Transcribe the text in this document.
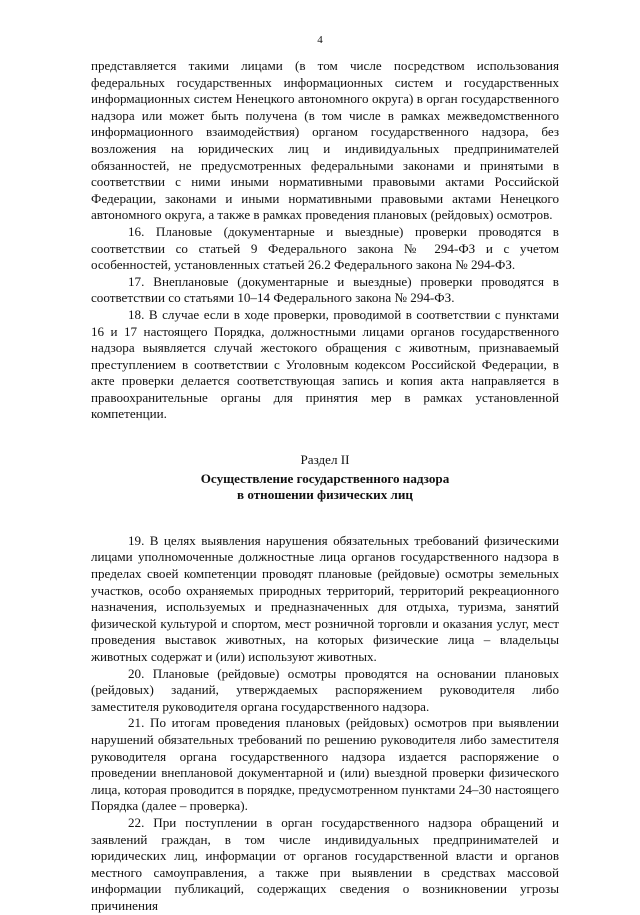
4

представляется такими лицами (в том числе посредством использования федеральных государственных информационных систем и государственных информационных систем Ненецкого автономного округа) в орган государственного надзора или может быть получена (в том числе в рамках межведомственного информационного взаимодействия) органом государственного надзора, без возложения на юридических лиц и индивидуальных предпринимателей обязанностей, не предусмотренных федеральными законами и принятыми в соответствии с ними иными нормативными правовыми актами Российской Федерации, законами и иными нормативными правовыми актами Ненецкого автономного округа, а также в рамках проведения плановых (рейдовых) осмотров.

16. Плановые (документарные и выездные) проверки проводятся в соответствии со статьей 9 Федерального закона № 294-ФЗ и с учетом особенностей, установленных статьей 26.2 Федерального закона № 294-ФЗ.

17. Внеплановые (документарные и выездные) проверки проводятся в соответствии со статьями 10–14 Федерального закона № 294-ФЗ.

18. В случае если в ходе проверки, проводимой в соответствии с пунктами 16 и 17 настоящего Порядка, должностными лицами органов государственного надзора выявляется случай жестокого обращения с животным, признаваемый преступлением в соответствии с Уголовным кодексом Российской Федерации, в акте проверки делается соответствующая запись и копия акта направляется в правоохранительные органы для принятия мер в рамках установленной компетенции.

Раздел II
Осуществление государственного надзора
в отношении физических лиц

19. В целях выявления нарушения обязательных требований физическими лицами уполномоченные должностные лица органов государственного надзора в пределах своей компетенции проводят плановые (рейдовые) осмотры земельных участков, особо охраняемых природных территорий, территорий рекреационного назначения, используемых и предназначенных для отдыха, туризма, занятий физической культурой и спортом, мест розничной торговли и оказания услуг, мест проведения выставок животных, на которых физические лица – владельцы животных содержат и (или) используют животных.

20. Плановые (рейдовые) осмотры проводятся на основании плановых (рейдовых) заданий, утверждаемых распоряжением руководителя либо заместителя руководителя органа государственного надзора.

21. По итогам проведения плановых (рейдовых) осмотров при выявлении нарушений обязательных требований по решению руководителя либо заместителя руководителя органа государственного надзора издается распоряжение о проведении внеплановой документарной и (или) выездной проверки физического лица, которая проводится в порядке, предусмотренном пунктами 24–30 настоящего Порядка (далее – проверка).

22. При поступлении в орган государственного надзора обращений и заявлений граждан, в том числе индивидуальных предпринимателей и юридических лиц, информации от органов государственной власти и органов местного самоуправления, а также при выявлении в средствах массовой информации публикаций, содержащих сведения о возникновении угрозы причинения
